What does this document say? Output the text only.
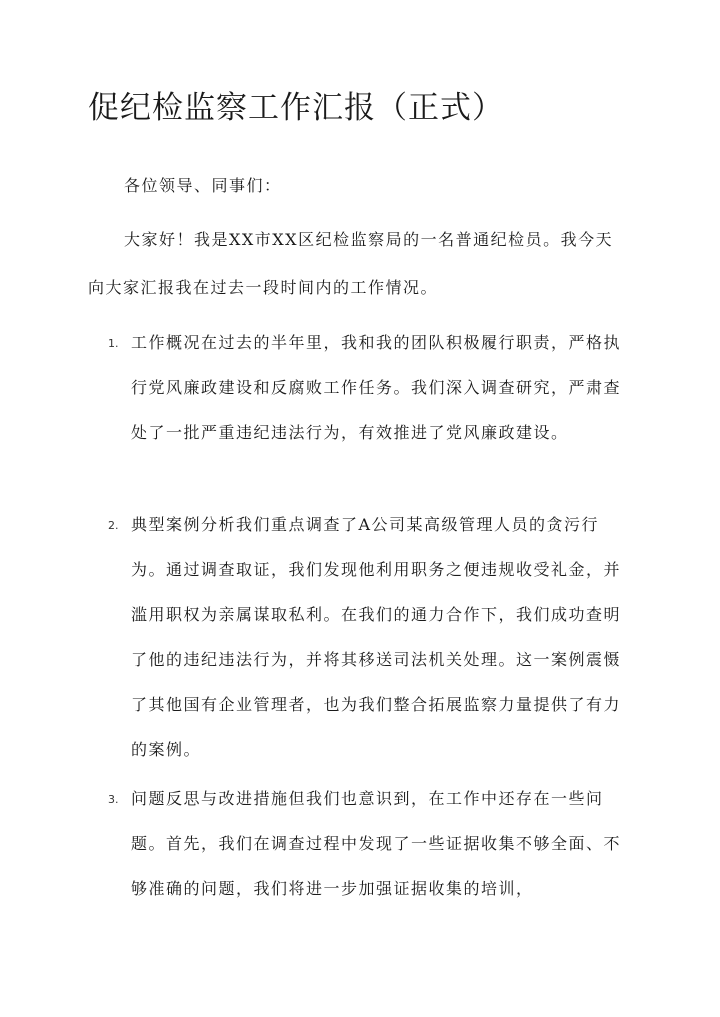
促纪检监察工作汇报（正式）

各位领导、同事们：

大家好！我是XX市XX区纪检监察局的一名普通纪检员。我今天向大家汇报我在过去一段时间内的工作情况。

1. 工作概况在过去的半年里，我和我的团队积极履行职责，严格执行党风廉政建设和反腐败工作任务。我们深入调查研究，严肃查处了一批严重违纪违法行为，有效推进了党风廉政建设。

2. 典型案例分析我们重点调查了A公司某高级管理人员的贪污行为。通过调查取证，我们发现他利用职务之便违规收受礼金，并滥用职权为亲属谋取私利。在我们的通力合作下，我们成功查明了他的违纪违法行为，并将其移送司法机关处理。这一案例震慑了其他国有企业管理者，也为我们整合拓展监察力量提供了有力的案例。

3. 问题反思与改进措施但我们也意识到，在工作中还存在一些问题。首先，我们在调查过程中发现了一些证据收集不够全面、不够准确的问题，我们将进一步加强证据收集的培训，
